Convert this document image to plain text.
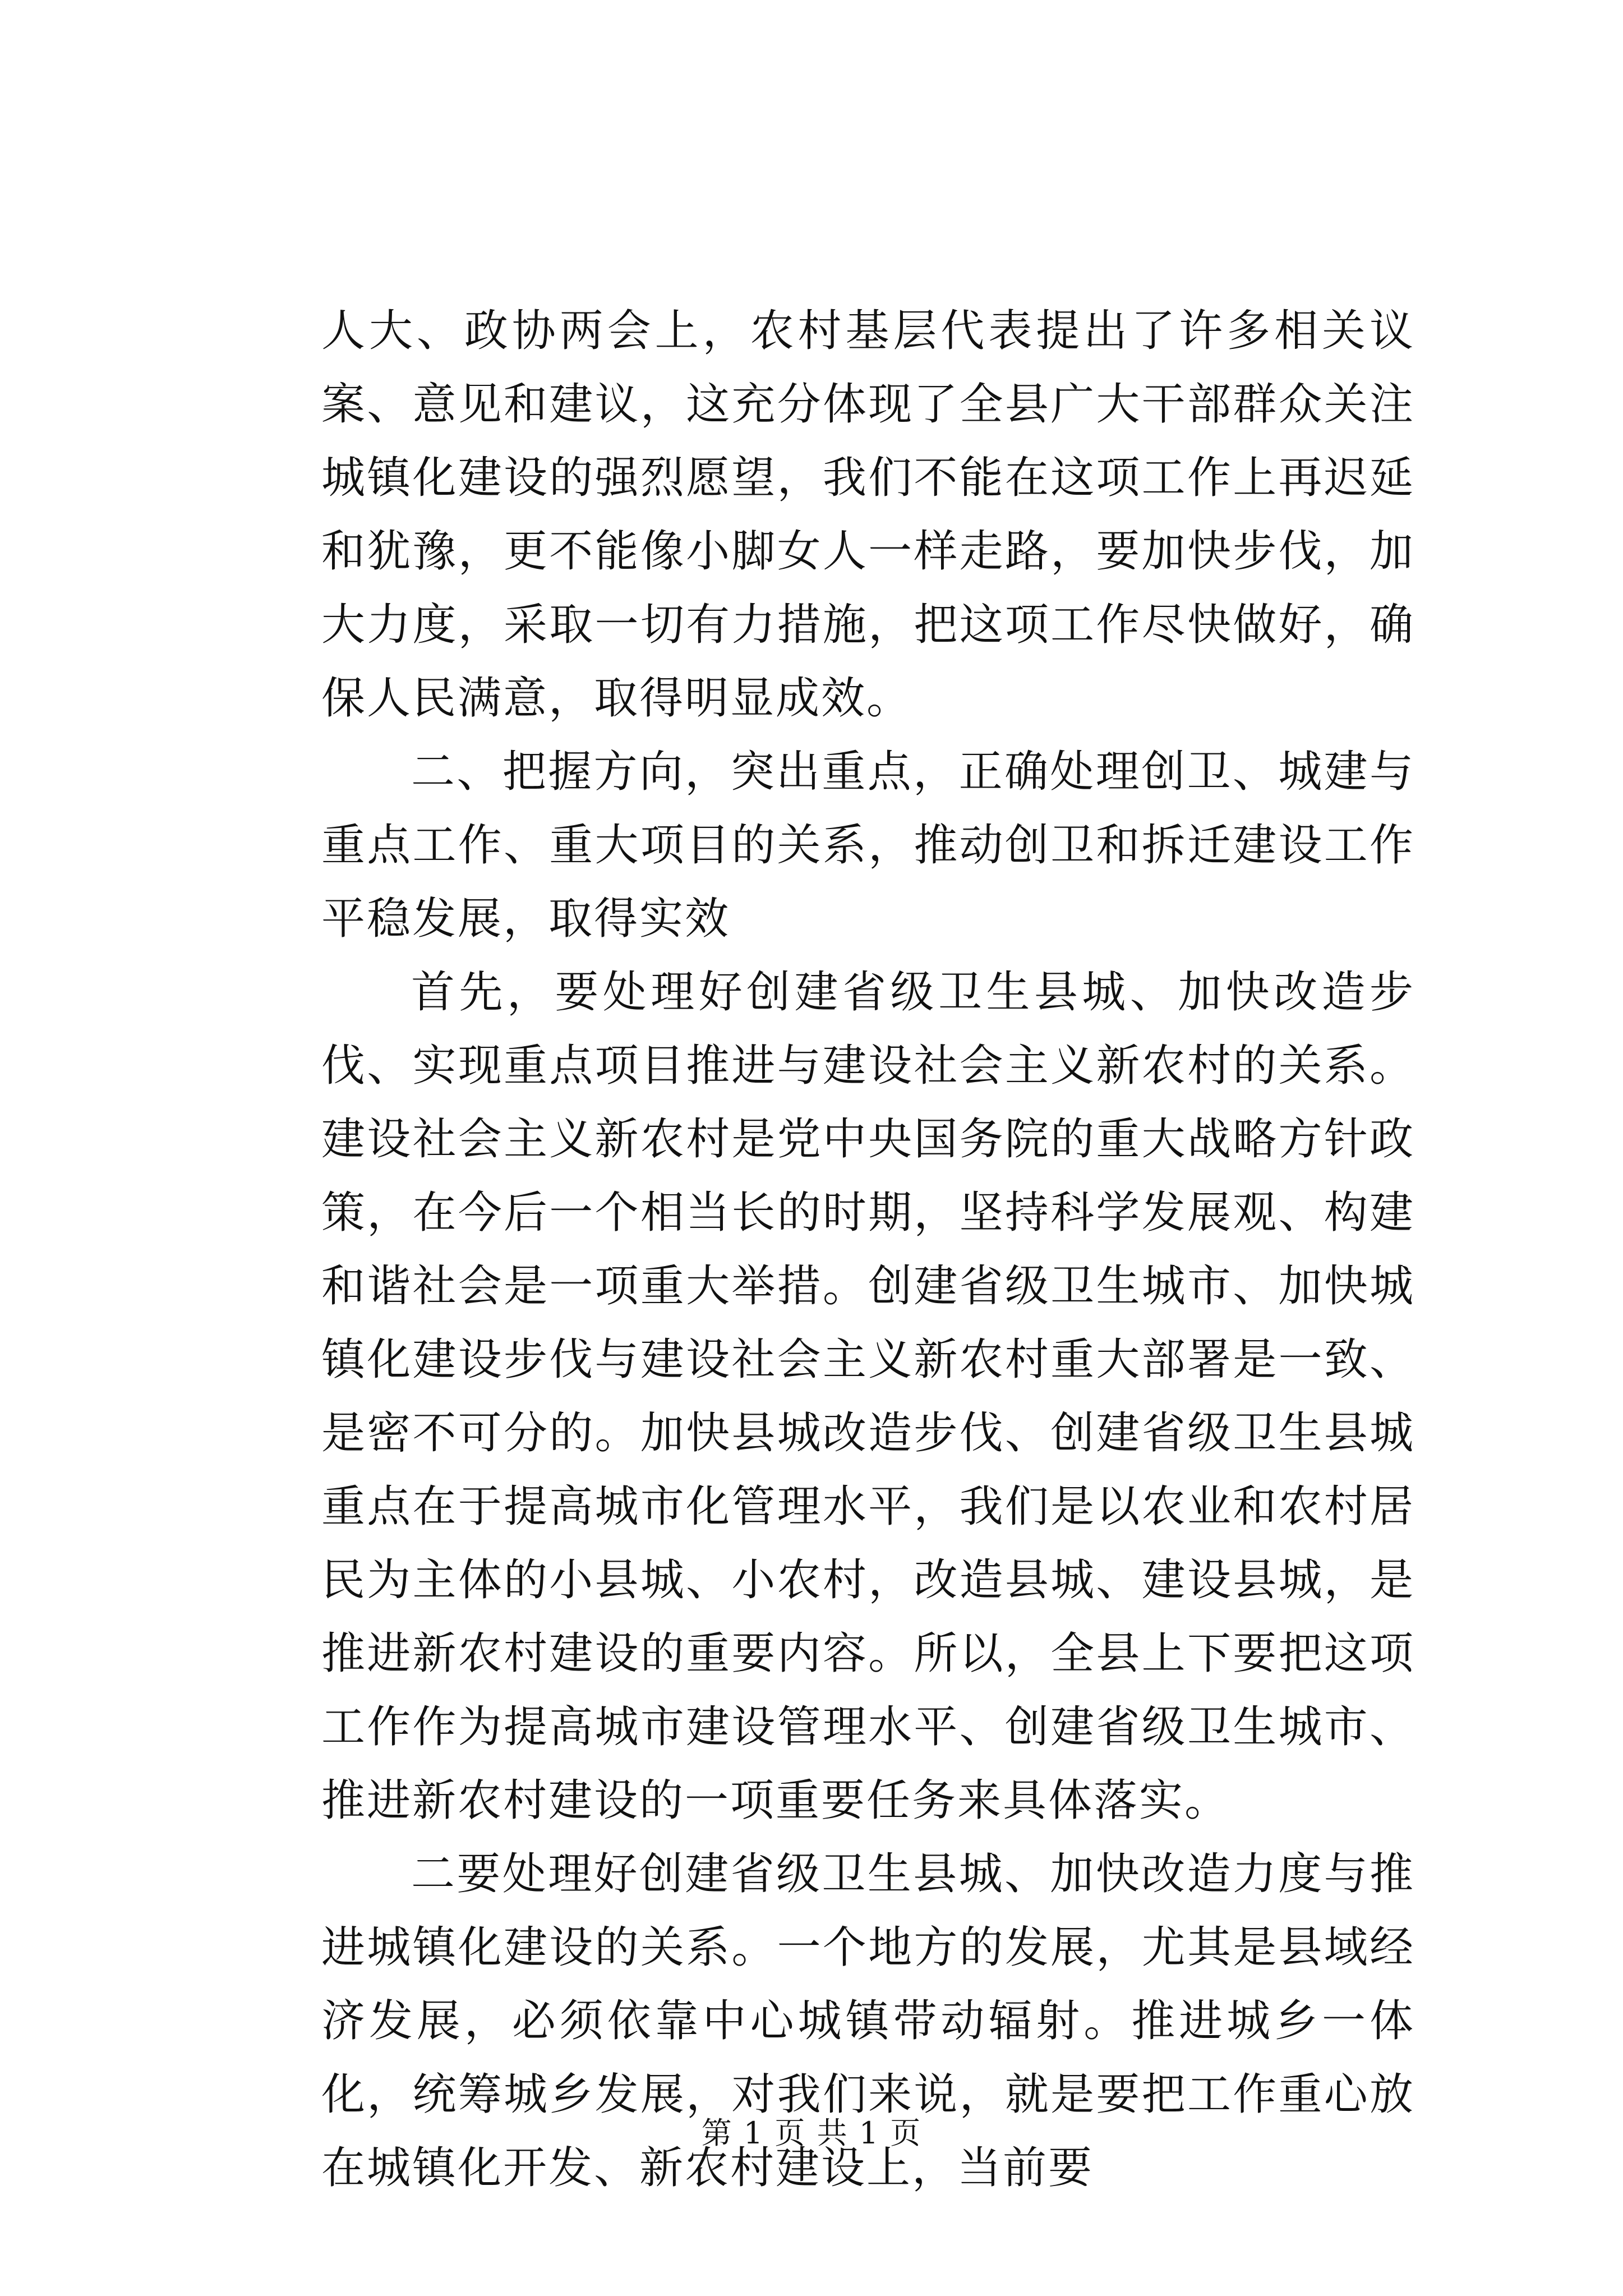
人大、政协两会上，农村基层代表提出了许多相关议案、意见和建议，这充分体现了全县广大干部群众关注城镇化建设的强烈愿望，我们不能在这项工作上再迟延和犹豫，更不能像小脚女人一样走路，要加快步伐，加大力度，采取一切有力措施，把这项工作尽快做好，确保人民满意，取得明显成效。

二、把握方向，突出重点，正确处理创卫、城建与重点工作、重大项目的关系，推动创卫和拆迁建设工作平稳发展，取得实效

首先，要处理好创建省级卫生县城、加快改造步伐、实现重点项目推进与建设社会主义新农村的关系。建设社会主义新农村是党中央国务院的重大战略方针政策，在今后一个相当长的时期，坚持科学发展观、构建和谐社会是一项重大举措。创建省级卫生城市、加快城镇化建设步伐与建设社会主义新农村重大部署是一致、是密不可分的。加快县城改造步伐、创建省级卫生县城重点在于提高城市化管理水平，我们是以农业和农村居民为主体的小县城、小农村，改造县城、建设县城，是推进新农村建设的重要内容。所以，全县上下要把这项工作作为提高城市建设管理水平、创建省级卫生城市、推进新农村建设的一项重要任务来具体落实。

二要处理好创建省级卫生县城、加快改造力度与推进城镇化建设的关系。一个地方的发展，尤其是县域经济发展，必须依靠中心城镇带动辐射。推进城乡一体化，统筹城乡发展，对我们来说，就是要把工作重心放在城镇化开发、新农村建设上，当前要

第 1 页 共 1 页
